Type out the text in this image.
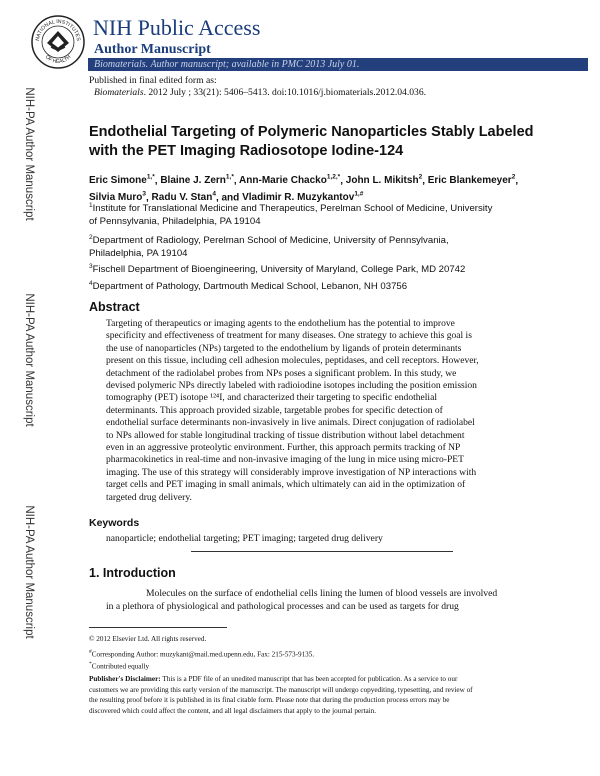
NATIONAL INSTITUTES
OF HEALTH
NIH Public Access
Author Manuscript
Biomaterials. Author manuscript; available in PMC 2013 July 01.
NIH-PA Author Manuscript
NIH-PA Author Manuscript
NIH-PA Author Manuscript
Published in final edited form as:
Biomaterials. 2012 July ; 33(21): 5406–5413. doi:10.1016/j.biomaterials.2012.04.036.
Endothelial Targeting of Polymeric Nanoparticles Stably Labeled
with the PET Imaging Radiosotope Iodine-124
Eric Simone$^{1,*}$, Blaine J. Zern$^{1,*}$, Ann-Marie Chacko$^{1,2,*}$, John L. Mikitsh$^2$, Eric Blankemeyer$^2$, Silvia Muro$^3$, Radu V. Stan$^4$, and Vladimir R. Muzykantov$^{1,\#}$
$^1$Institute for Translational Medicine and Therapeutics, Perelman School of Medicine, University
of Pennsylvania, Philadelphia, PA 19104
$^2$Department of Radiology, Perelman School of Medicine, University of Pennsylvania,
Philadelphia, PA 19104
$^3$Fischell Department of Bioengineering, University of Maryland, College Park, MD 20742
$^4$Department of Pathology, Dartmouth Medical School, Lebanon, NH 03756
Abstract
Targeting of therapeutics or imaging agents to the endothelium has the potential to improve
specificity and effectiveness of treatment for many diseases. One strategy to achieve this goal is
the use of nanoparticles (NPs) targeted to the endothelium by ligands of protein determinants
present on this tissue, including cell adhesion molecules, peptidases, and cell receptors. However,
detachment of the radiolabel probes from NPs poses a significant problem. In this study, we
devised polymeric NPs directly labeled with radioiodine isotopes including the position emission
tomography (PET) isotope ¹²⁴I, and characterized their targeting to specific endothelial
determinants. This approach provided sizable, targetable probes for specific detection of
endothelial surface determinants non-invasively in live animals. Direct conjugation of radiolabel
to NPs allowed for stable longitudinal tracking of tissue distribution without label detachment
even in an aggressive proteolytic environment. Further, this approach permits tracking of NP
pharmacokinetics in real-time and non-invasive imaging of the lung in mice using micro-PET
imaging. The use of this strategy will considerably improve investigation of NP interactions with
target cells and PET imaging in small animals, which ultimately can aid in the optimization of
targeted drug delivery.
Keywords
nanoparticle; endothelial targeting; PET imaging; targeted drug delivery
1. Introduction
Molecules on the surface of endothelial cells lining the lumen of blood vessels are involved
in a plethora of physiological and pathological processes and can be used as targets for drug
© 2012 Elsevier Ltd. All rights reserved.
#Corresponding Author: muzykant@mail.med.upenn.edu, Fax: 215-573-9135.
*Contributed equally
Publisher's Disclaimer: This is a PDF file of an unedited manuscript that has been accepted for publication. As a service to our
customers we are providing this early version of the manuscript. The manuscript will undergo copyediting, typesetting, and review of
the resulting proof before it is published in its final citable form. Please note that during the production process errors may be
discovered which could affect the content, and all legal disclaimers that apply to the journal pertain.
